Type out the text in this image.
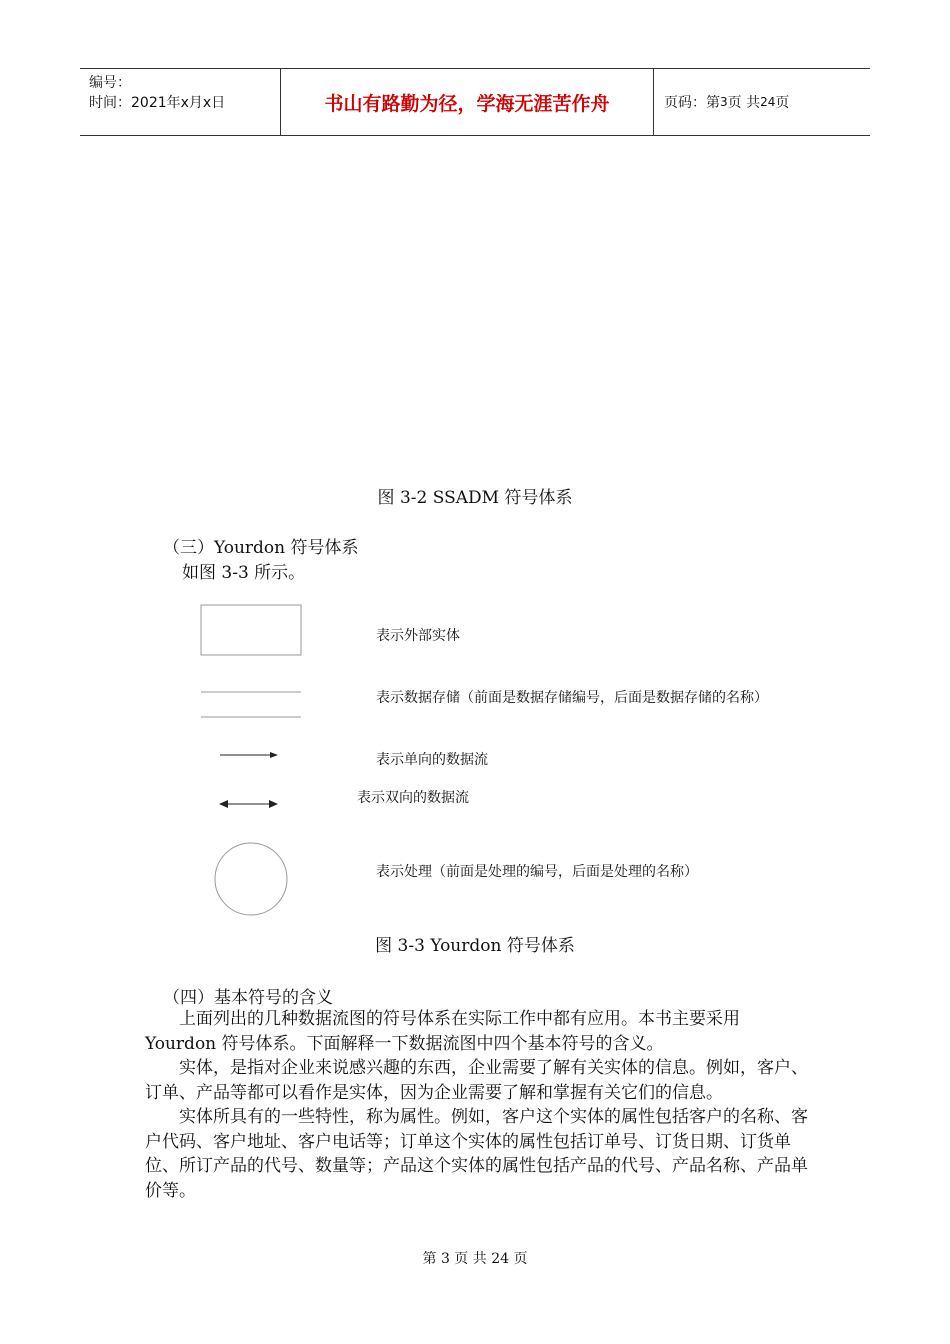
编号：
时间：2021年x月x日	书山有路勤为径，学海无涯苦作舟	页码：第 3 页 共 24 页
图 3-2 SSADM 符号体系
（三）Yourdon 符号体系
如图 3-3 所示。
表示外部实体
表示数据存储（前面是数据存储编号，后面是数据存储的名称）
表示单向的数据流
表示双向的数据流
表示处理（前面是处理的编号，后面是处理的名称）
图 3-3 Yourdon 符号体系
（四）基本符号的含义

　　上面列出的几种数据流图的符号体系在实际工作中都有应用。本书主要采用 Yourdon 符号体系。下面解释一下数据流图中四个基本符号的含义。

　　实体，是指对企业来说感兴趣的东西，企业需要了解有关实体的信息。例如，客户、订单、产品等都可以看作是实体，因为企业需要了解和掌握有关它们的信息。

　　实体所具有的一些特性，称为属性。例如，客户这个实体的属性包括客户的名称、客户代码、客户地址、客户电话等；订单这个实体的属性包括订单号、订货日期、订货单位、所订产品的代号、数量等；产品这个实体的属性包括产品的代号、产品名称、产品单价等。

第 3 页 共 24 页
